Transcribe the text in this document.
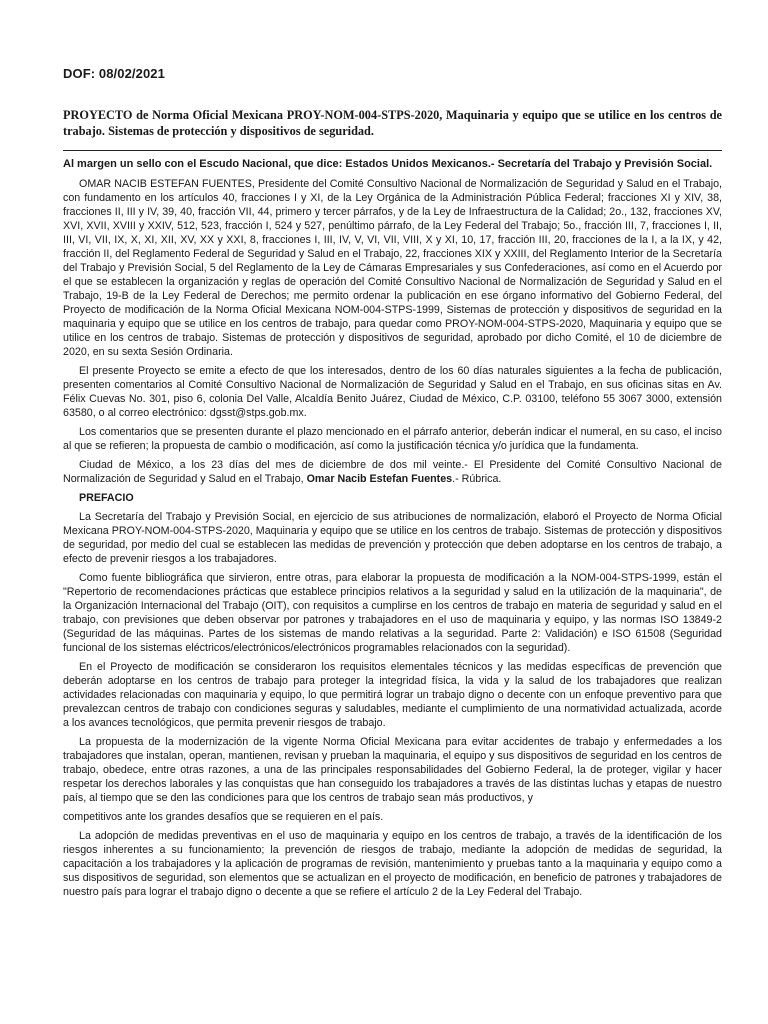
DOF: 08/02/2021
PROYECTO de Norma Oficial Mexicana PROY-NOM-004-STPS-2020, Maquinaria y equipo que se utilice en los centros de trabajo. Sistemas de protección y dispositivos de seguridad.

Al margen un sello con el Escudo Nacional, que dice: Estados Unidos Mexicanos.- Secretaría del Trabajo y Previsión Social.

OMAR NACIB ESTEFAN FUENTES, Presidente del Comité Consultivo Nacional de Normalización de Seguridad y Salud en el Trabajo, con fundamento en los artículos 40, fracciones I y XI, de la Ley Orgánica de la Administración Pública Federal; fracciones XI y XIV, 38, fracciones II, III y IV, 39, 40, fracción VII, 44, primero y tercer párrafos, y de la Ley de Infraestructura de la Calidad; 2o., 132, fracciones XV, XVI, XVII, XVIII y XXIV, 512, 523, fracción I, 524 y 527, penúltimo párrafo, de la Ley Federal del Trabajo; 5o., fracción III, 7, fracciones I, II, III, VI, VII, IX, X, XI, XII, XV, XX y XXI, 8, fracciones I, III, IV, V, VI, VII, VIII, X y XI, 10, 17, fracción III, 20, fracciones de la I, a la IX, y 42, fracción II, del Reglamento Federal de Seguridad y Salud en el Trabajo, 22, fracciones XIX y XXIII, del Reglamento Interior de la Secretaría del Trabajo y Previsión Social, 5 del Reglamento de la Ley de Cámaras Empresariales y sus Confederaciones, así como en el Acuerdo por el que se establecen la organización y reglas de operación del Comité Consultivo Nacional de Normalización de Seguridad y Salud en el Trabajo, 19-B de la Ley Federal de Derechos; me permito ordenar la publicación en ese órgano informativo del Gobierno Federal, del Proyecto de modificación de la Norma Oficial Mexicana NOM-004-STPS-1999, Sistemas de protección y dispositivos de seguridad en la maquinaria y equipo que se utilice en los centros de trabajo, para quedar como PROY-NOM-004-STPS-2020, Maquinaria y equipo que se utilice en los centros de trabajo. Sistemas de protección y dispositivos de seguridad, aprobado por dicho Comité, el 10 de diciembre de 2020, en su sexta Sesión Ordinaria.

El presente Proyecto se emite a efecto de que los interesados, dentro de los 60 días naturales siguientes a la fecha de publicación, presenten comentarios al Comité Consultivo Nacional de Normalización de Seguridad y Salud en el Trabajo, en sus oficinas sitas en Av. Félix Cuevas No. 301, piso 6, colonia Del Valle, Alcaldía Benito Juárez, Ciudad de México, C.P. 03100, teléfono 55 3067 3000, extensión 63580, o al correo electrónico: dgsst@stps.gob.mx.

Los comentarios que se presenten durante el plazo mencionado en el párrafo anterior, deberán indicar el numeral, en su caso, el inciso al que se refieren; la propuesta de cambio o modificación, así como la justificación técnica y/o jurídica que la fundamenta.

Ciudad de México, a los 23 días del mes de diciembre de dos mil veinte.- El Presidente del Comité Consultivo Nacional de Normalización de Seguridad y Salud en el Trabajo, Omar Nacib Estefan Fuentes.- Rúbrica.

PREFACIO

La Secretaría del Trabajo y Previsión Social, en ejercicio de sus atribuciones de normalización, elaboró el Proyecto de Norma Oficial Mexicana PROY-NOM-004-STPS-2020, Maquinaria y equipo que se utilice en los centros de trabajo. Sistemas de protección y dispositivos de seguridad, por medio del cual se establecen las medidas de prevención y protección que deben adoptarse en los centros de trabajo, a efecto de prevenir riesgos a los trabajadores.

Como fuente bibliográfica que sirvieron, entre otras, para elaborar la propuesta de modificación a la NOM-004-STPS-1999, están el "Repertorio de recomendaciones prácticas que establece principios relativos a la seguridad y salud en la utilización de la maquinaria", de la Organización Internacional del Trabajo (OIT), con requisitos a cumplirse en los centros de trabajo en materia de seguridad y salud en el trabajo, con previsiones que deben observar por patrones y trabajadores en el uso de maquinaria y equipo, y las normas ISO 13849-2 (Seguridad de las máquinas. Partes de los sistemas de mando relativas a la seguridad. Parte 2: Validación) e ISO 61508 (Seguridad funcional de los sistemas eléctricos/electrónicos/electrónicos programables relacionados con la seguridad).

En el Proyecto de modificación se consideraron los requisitos elementales técnicos y las medidas específicas de prevención que deberán adoptarse en los centros de trabajo para proteger la integridad física, la vida y la salud de los trabajadores que realizan actividades relacionadas con maquinaria y equipo, lo que permitirá lograr un trabajo digno o decente con un enfoque preventivo para que prevalezcan centros de trabajo con condiciones seguras y saludables, mediante el cumplimiento de una normatividad actualizada, acorde a los avances tecnológicos, que permita prevenir riesgos de trabajo.

La propuesta de la modernización de la vigente Norma Oficial Mexicana para evitar accidentes de trabajo y enfermedades a los trabajadores que instalan, operan, mantienen, revisan y prueban la maquinaria, el equipo y sus dispositivos de seguridad en los centros de trabajo, obedece, entre otras razones, a una de las principales responsabilidades del Gobierno Federal, la de proteger, vigilar y hacer respetar los derechos laborales y las conquistas que han conseguido los trabajadores a través de las distintas luchas y etapas de nuestro país, al tiempo que se den las condiciones para que los centros de trabajo sean más productivos, y

competitivos ante los grandes desafíos que se requieren en el país.

La adopción de medidas preventivas en el uso de maquinaria y equipo en los centros de trabajo, a través de la identificación de los riesgos inherentes a su funcionamiento; la prevención de riesgos de trabajo, mediante la adopción de medidas de seguridad, la capacitación a los trabajadores y la aplicación de programas de revisión, mantenimiento y pruebas tanto a la maquinaria y equipo como a sus dispositivos de seguridad, son elementos que se actualizan en el proyecto de modificación, en beneficio de patrones y trabajadores de nuestro país para lograr el trabajo digno o decente a que se refiere el artículo 2 de la Ley Federal del Trabajo.
